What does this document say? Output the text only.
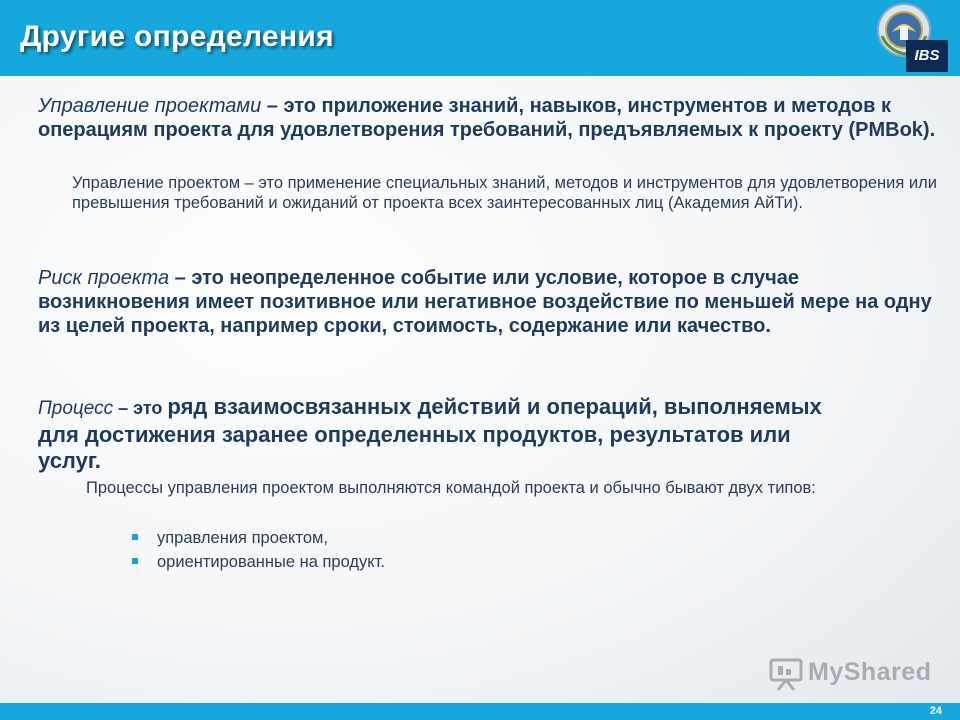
Другие определения
IBS
Управление проектами – это приложение знаний, навыков, инструментов и методов к операциям проекта для удовлетворения требований, предъявляемых к проекту (PMBok).
Управление проектом – это применение специальных знаний, методов и инструментов для удовлетворения или превышения требований и ожиданий от проекта всех заинтересованных лиц (Академия АйТи).
Риск проекта – это неопределенное событие или условие, которое в случае возникновения имеет позитивное или негативное воздействие по меньшей мере на одну из целей проекта, например сроки, стоимость, содержание или качество.
Процесс – это ряд взаимосвязанных действий и операций, выполняемых для достижения заранее определенных продуктов, результатов или услуг.
Процессы управления проектом выполняются командой проекта и обычно бывают двух типов:
управления проектом,
ориентированные на продукт.
MyShared
24
